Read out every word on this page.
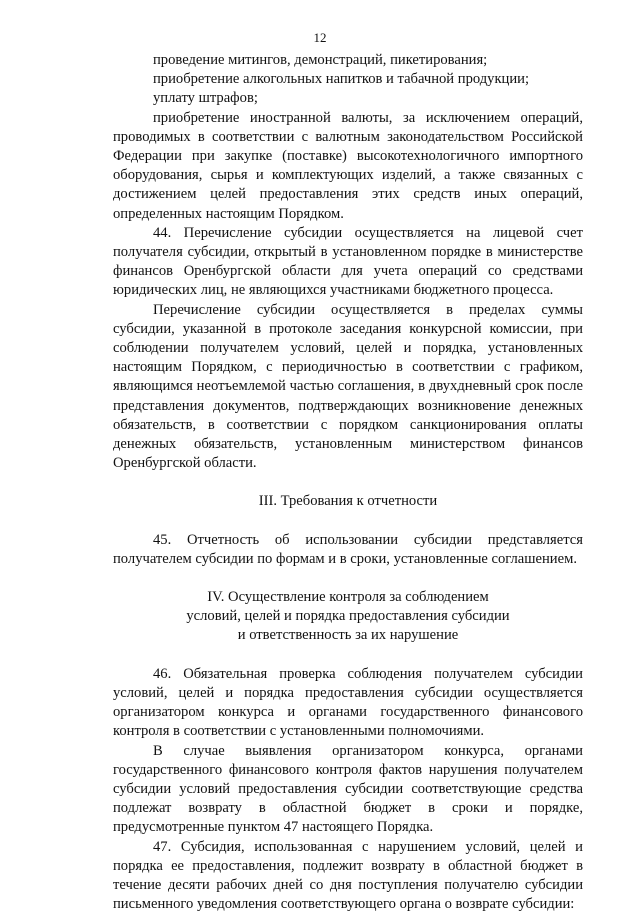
12

проведение митингов, демонстраций, пикетирования;

приобретение алкогольных напитков и табачной продукции;

уплату штрафов;

приобретение иностранной валюты, за исключением операций, проводимых в соответствии с валютным законодательством Российской Федерации при закупке (поставке) высокотехнологичного импортного оборудования, сырья и комплектующих изделий, а также связанных с достижением целей предоставления этих средств иных операций, определенных настоящим Порядком.

44. Перечисление субсидии осуществляется на лицевой счет получателя субсидии, открытый в установленном порядке в министерстве финансов Оренбургской области для учета операций со средствами юридических лиц, не являющихся участниками бюджетного процесса.

Перечисление субсидии осуществляется в пределах суммы субсидии, указанной в протоколе заседания конкурсной комиссии, при соблюдении получателем условий, целей и порядка, установленных настоящим Порядком, с периодичностью в соответствии с графиком, являющимся неотъемлемой частью соглашения, в двухдневный срок после представления документов, подтверждающих возникновение денежных обязательств, в соответствии с порядком санкционирования оплаты денежных обязательств, установленным министерством финансов Оренбургской области.

III. Требования к отчетности

45. Отчетность об использовании субсидии представляется получателем субсидии по формам и в сроки, установленные соглашением.

IV. Осуществление контроля за соблюдением

условий, целей и порядка предоставления субсидии

и ответственность за их нарушение

46. Обязательная проверка соблюдения получателем субсидии условий, целей и порядка предоставления субсидии осуществляется организатором конкурса и органами государственного финансового контроля в соответствии с установленными полномочиями.

В случае выявления организатором конкурса, органами государственного финансового контроля фактов нарушения получателем субсидии условий предоставления субсидии соответствующие средства подлежат возврату в областной бюджет в сроки и порядке, предусмотренные пунктом 47 настоящего Порядка.

47. Субсидия, использованная с нарушением условий, целей и порядка ее предоставления, подлежит возврату в областной бюджет в течение десяти рабочих дней со дня поступления получателю субсидии письменного уведомления соответствующего органа о возврате субсидии:
